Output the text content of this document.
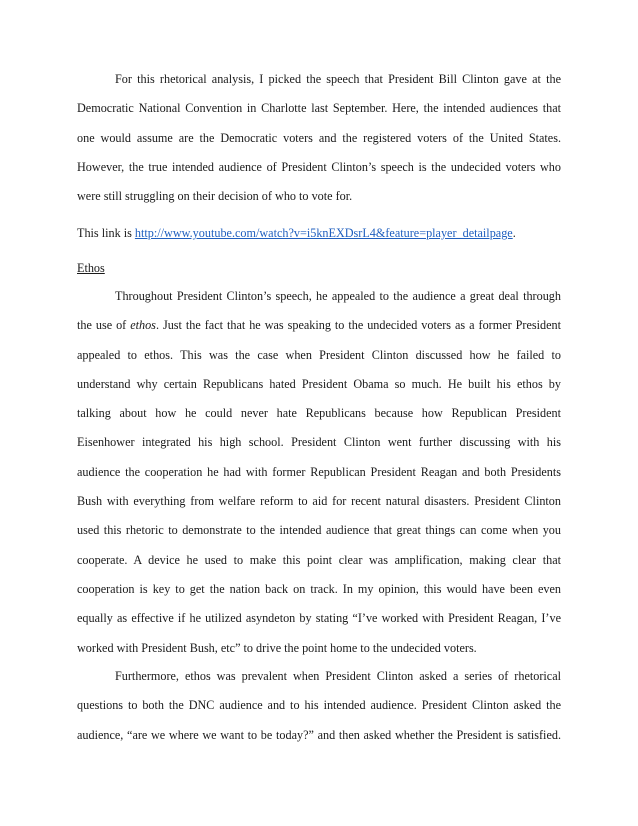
For this rhetorical analysis, I picked the speech that President Bill Clinton gave at the
Democratic National Convention in Charlotte last September. Here, the intended audiences that
one would assume are the Democratic voters and the registered voters of the United States.
However, the true intended audience of President Clinton’s speech is the undecided voters who
were still struggling on their decision of who to vote for.
This link is http://www.youtube.com/watch?v=i5knEXDsrL4&feature=player_detailpage.
Ethos
Throughout President Clinton’s speech, he appealed to the audience a great deal through
the use of ethos. Just the fact that he was speaking to the undecided voters as a former President
appealed to ethos. This was the case when President Clinton discussed how he failed to
understand why certain Republicans hated President Obama so much. He built his ethos by
talking about how he could never hate Republicans because how Republican President
Eisenhower integrated his high school. President Clinton went further discussing with his
audience the cooperation he had with former Republican President Reagan and both Presidents
Bush with everything from welfare reform to aid for recent natural disasters. President Clinton
used this rhetoric to demonstrate to the intended audience that great things can come when you
cooperate. A device he used to make this point clear was amplification, making clear that
cooperation is key to get the nation back on track. In my opinion, this would have been even
equally as effective if he utilized asyndeton by stating “I’ve worked with President Reagan, I’ve
worked with President Bush, etc” to drive the point home to the undecided voters.
Furthermore, ethos was prevalent when President Clinton asked a series of rhetorical
questions to both the DNC audience and to his intended audience. President Clinton asked the
audience, “are we where we want to be today?” and then asked whether the President is satisfied.
